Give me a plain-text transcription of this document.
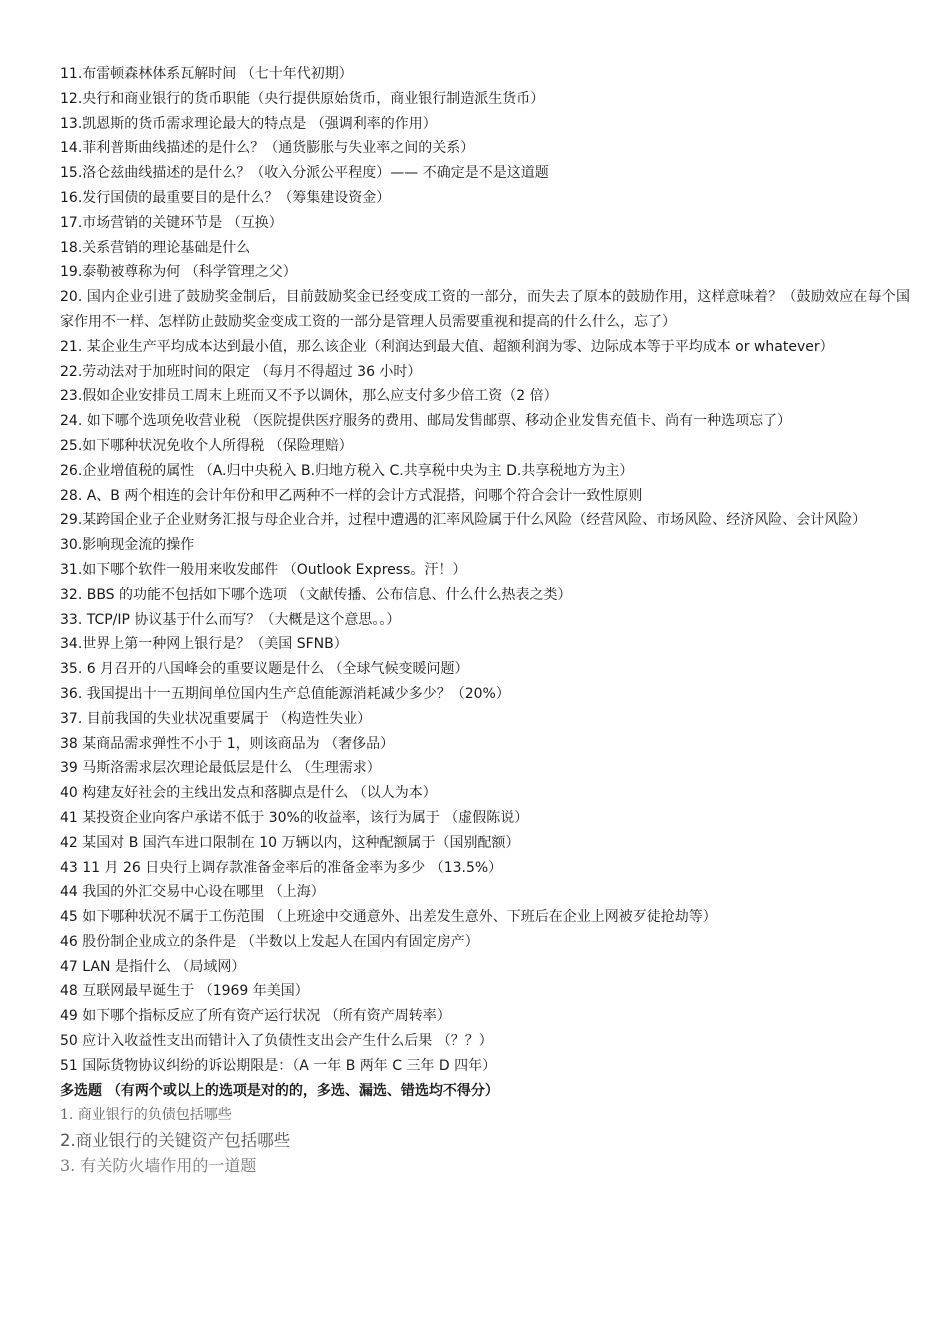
11.布雷顿森林体系瓦解时间 （七十年代初期）
12.央行和商业银行的货币职能（央行提供原始货币，商业银行制造派生货币）
13.凯恩斯的货币需求理论最大的特点是 （强调利率的作用）
14.菲利普斯曲线描述的是什么？（通货膨胀与失业率之间的关系）
15.洛仑兹曲线描述的是什么？（收入分派公平程度）—— 不确定是不是这道题
16.发行国债的最重要目的是什么？（筹集建设资金）
17.市场营销的关键环节是 （互换）
18.关系营销的理论基础是什么
19.泰勒被尊称为何 （科学管理之父）
20. 国内企业引进了鼓励奖金制后，目前鼓励奖金已经变成工资的一部分，而失去了原本的鼓励作用，这样意味着？（鼓励效应在每个国家作用不一样、怎样防止鼓励奖金变成工资的一部分是管理人员需要重视和提高的什么什么，忘了）
21. 某企业生产平均成本达到最小值，那么该企业（利润达到最大值、超额利润为零、边际成本等于平均成本 or whatever）
22.劳动法对于加班时间的限定 （每月不得超过 36 小时）
23.假如企业安排员工周末上班而又不予以调休，那么应支付多少倍工资（2 倍）
24. 如下哪个选项免收营业税 （医院提供医疗服务的费用、邮局发售邮票、移动企业发售充值卡、尚有一种选项忘了）
25.如下哪种状况免收个人所得税 （保险理赔）
26.企业增值税的属性 （A.归中央税入 B.归地方税入 C.共享税中央为主 D.共享税地方为主）
28. A、B 两个相连的会计年份和甲乙两种不一样的会计方式混搭，问哪个符合会计一致性原则
29.某跨国企业子企业财务汇报与母企业合并，过程中遭遇的汇率风险属于什么风险（经营风险、市场风险、经济风险、会计风险）
30.影响现金流的操作
31.如下哪个软件一般用来收发邮件 （Outlook Express。汗！）
32. BBS 的功能不包括如下哪个选项 （文献传播、公布信息、什么什么热表之类）
33. TCP/IP 协议基于什么而写？（大概是这个意思。。）
34.世界上第一种网上银行是？（美国 SFNB）
35. 6 月召开的八国峰会的重要议题是什么 （全球气候变暖问题）
36. 我国提出十一五期间单位国内生产总值能源消耗减少多少？（20%）
37. 目前我国的失业状况重要属于 （构造性失业）
38 某商品需求弹性不小于 1，则该商品为 （奢侈品）
39 马斯洛需求层次理论最低层是什么 （生理需求）
40 构建友好社会的主线出发点和落脚点是什么 （以人为本）
41 某投资企业向客户承诺不低于 30%的收益率，该行为属于 （虚假陈说）
42 某国对 B 国汽车进口限制在 10 万辆以内，这种配额属于（国别配额）
43 11 月 26 日央行上调存款准备金率后的准备金率为多少 （13.5%）
44 我国的外汇交易中心设在哪里 （上海）
45 如下哪种状况不属于工伤范围 （上班途中交通意外、出差发生意外、下班后在企业上网被歹徒抢劫等）
46 股份制企业成立的条件是 （半数以上发起人在国内有固定房产）
47 LAN 是指什么 （局域网）
48 互联网最早诞生于 （1969 年美国）
49 如下哪个指标反应了所有资产运行状况 （所有资产周转率）
50 应计入收益性支出而错计入了负债性支出会产生什么后果 （？？）
51 国际货物协议纠纷的诉讼期限是：（A 一年 B 两年 C 三年 D 四年）
多选题 （有两个或以上的选项是对的的，多选、漏选、错选均不得分）
1. 商业银行的负债包括哪些
2.商业银行的关键资产包括哪些
3. 有关防火墙作用的一道题
